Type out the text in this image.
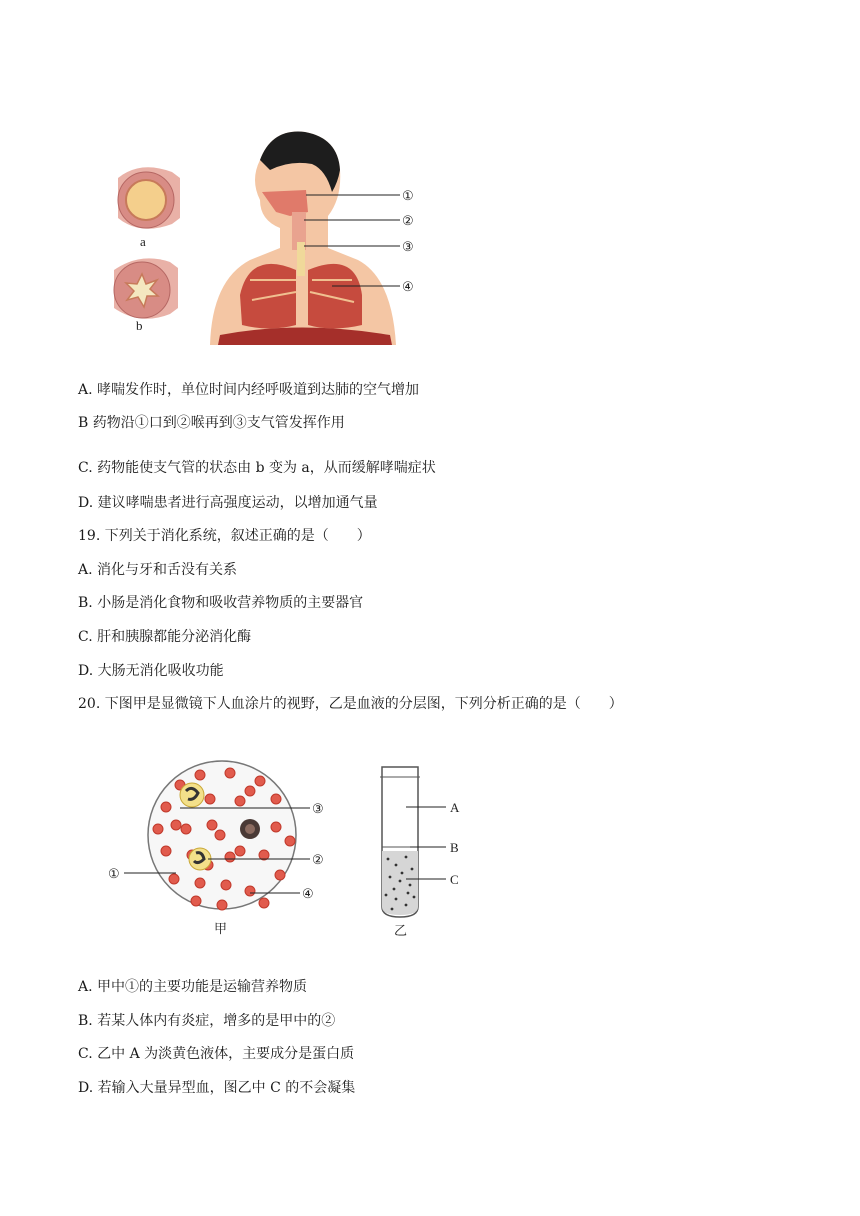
a
b
①
②
③
④
A. 哮喘发作时，单位时间内经呼吸道到达肺的空气增加
B 药物沿①口到②喉再到③支气管发挥作用
C. 药物能使支气管的状态由 b 变为 a，从而缓解哮喘症状
D. 建议哮喘患者进行高强度运动，以增加通气量
19. 下列关于消化系统，叙述正确的是（　　）
A. 消化与牙和舌没有关系
B. 小肠是消化食物和吸收营养物质的主要器官
C. 肝和胰腺都能分泌消化酶
D. 大肠无消化吸收功能
20. 下图甲是显微镜下人血涂片的视野，乙是血液的分层图，下列分析正确的是（　　）
③
②
①
④
甲
A
B
C
乙
A. 甲中①的主要功能是运输营养物质
B. 若某人体内有炎症，增多的是甲中的②
C. 乙中 A 为淡黄色液体，主要成分是蛋白质
D. 若输入大量异型血，图乙中 C 的不会凝集
